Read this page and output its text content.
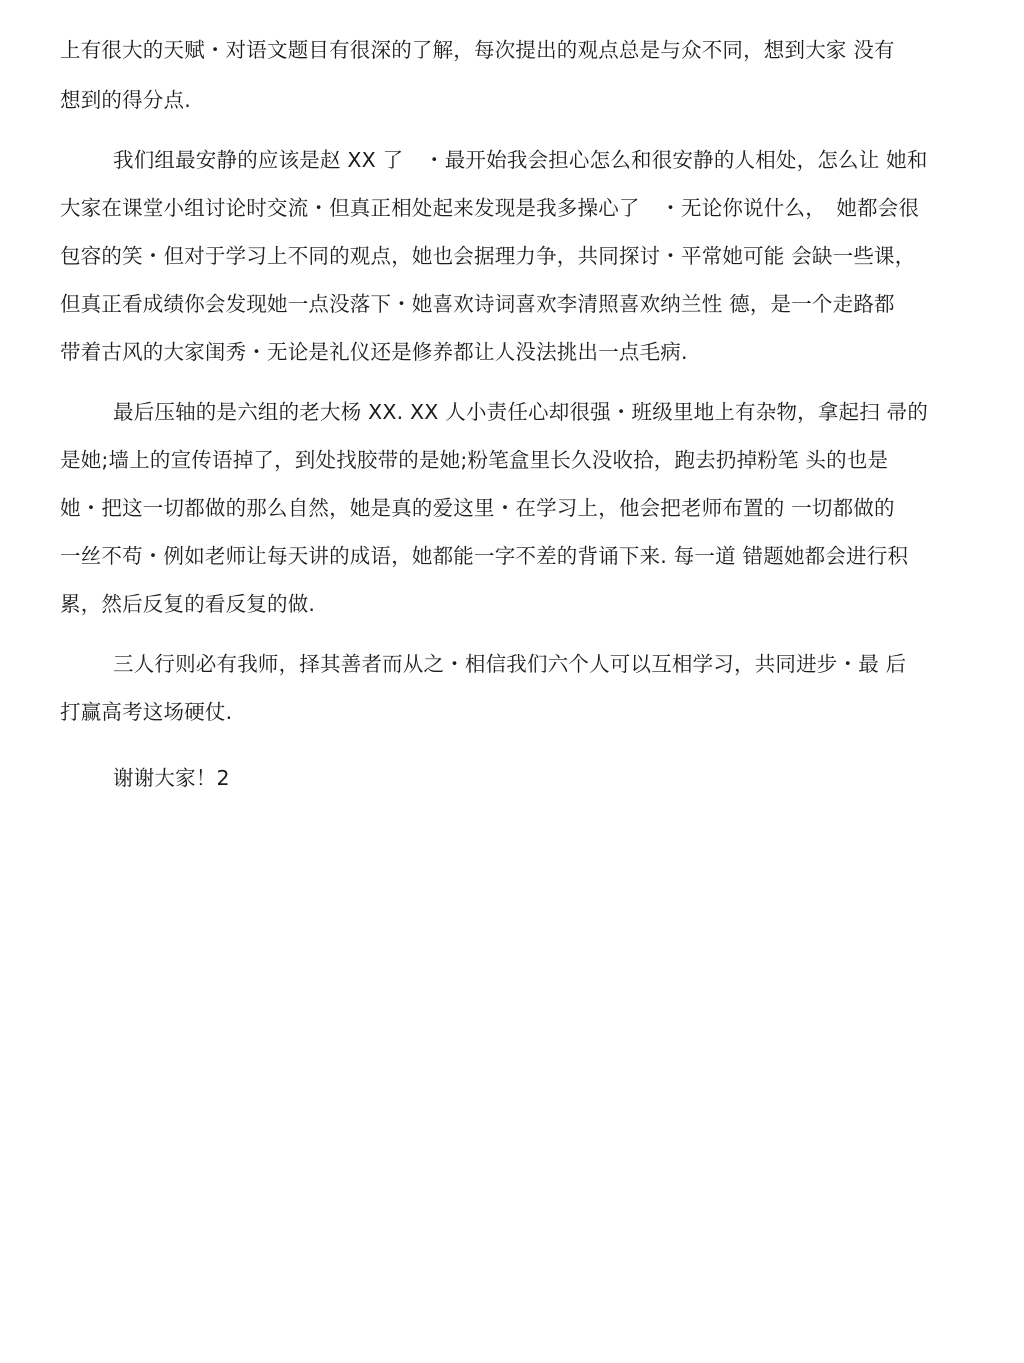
上有很大的天赋・对语文题目有很深的了解，每次提出的观点总是与众不同，想到大家 没有

想到的得分点.

我们组最安静的应该是赵 XX 了　・最开始我会担心怎么和很安静的人相处，怎么让 她和

大家在课堂小组讨论时交流・但真正相处起来发现是我多操心了　・无论你说什么，　她都会很

包容的笑・但对于学习上不同的观点，她也会据理力争，共同探讨・平常她可能 会缺一些课，

但真正看成绩你会发现她一点没落下・她喜欢诗词喜欢李清照喜欢纳兰性 德，是一个走路都

带着古风的大家闺秀・无论是礼仪还是修养都让人没法挑出一点毛病.

最后压轴的是六组的老大杨 XX. XX 人小责任心却很强・班级里地上有杂物，拿起扫 帚的

是她;墙上的宣传语掉了，到处找胶带的是她;粉笔盒里长久没收拾，跑去扔掉粉笔 头的也是

她・把这一切都做的那么自然，她是真的爱这里・在学习上，他会把老师布置的 一切都做的

一丝不苟・例如老师让每天讲的成语，她都能一字不差的背诵下来. 每一道 错题她都会进行积

累，然后反复的看反复的做.

三人行则必有我师，择其善者而从之・相信我们六个人可以互相学习，共同进步・最 后

打赢高考这场硬仗.

谢谢大家！2
